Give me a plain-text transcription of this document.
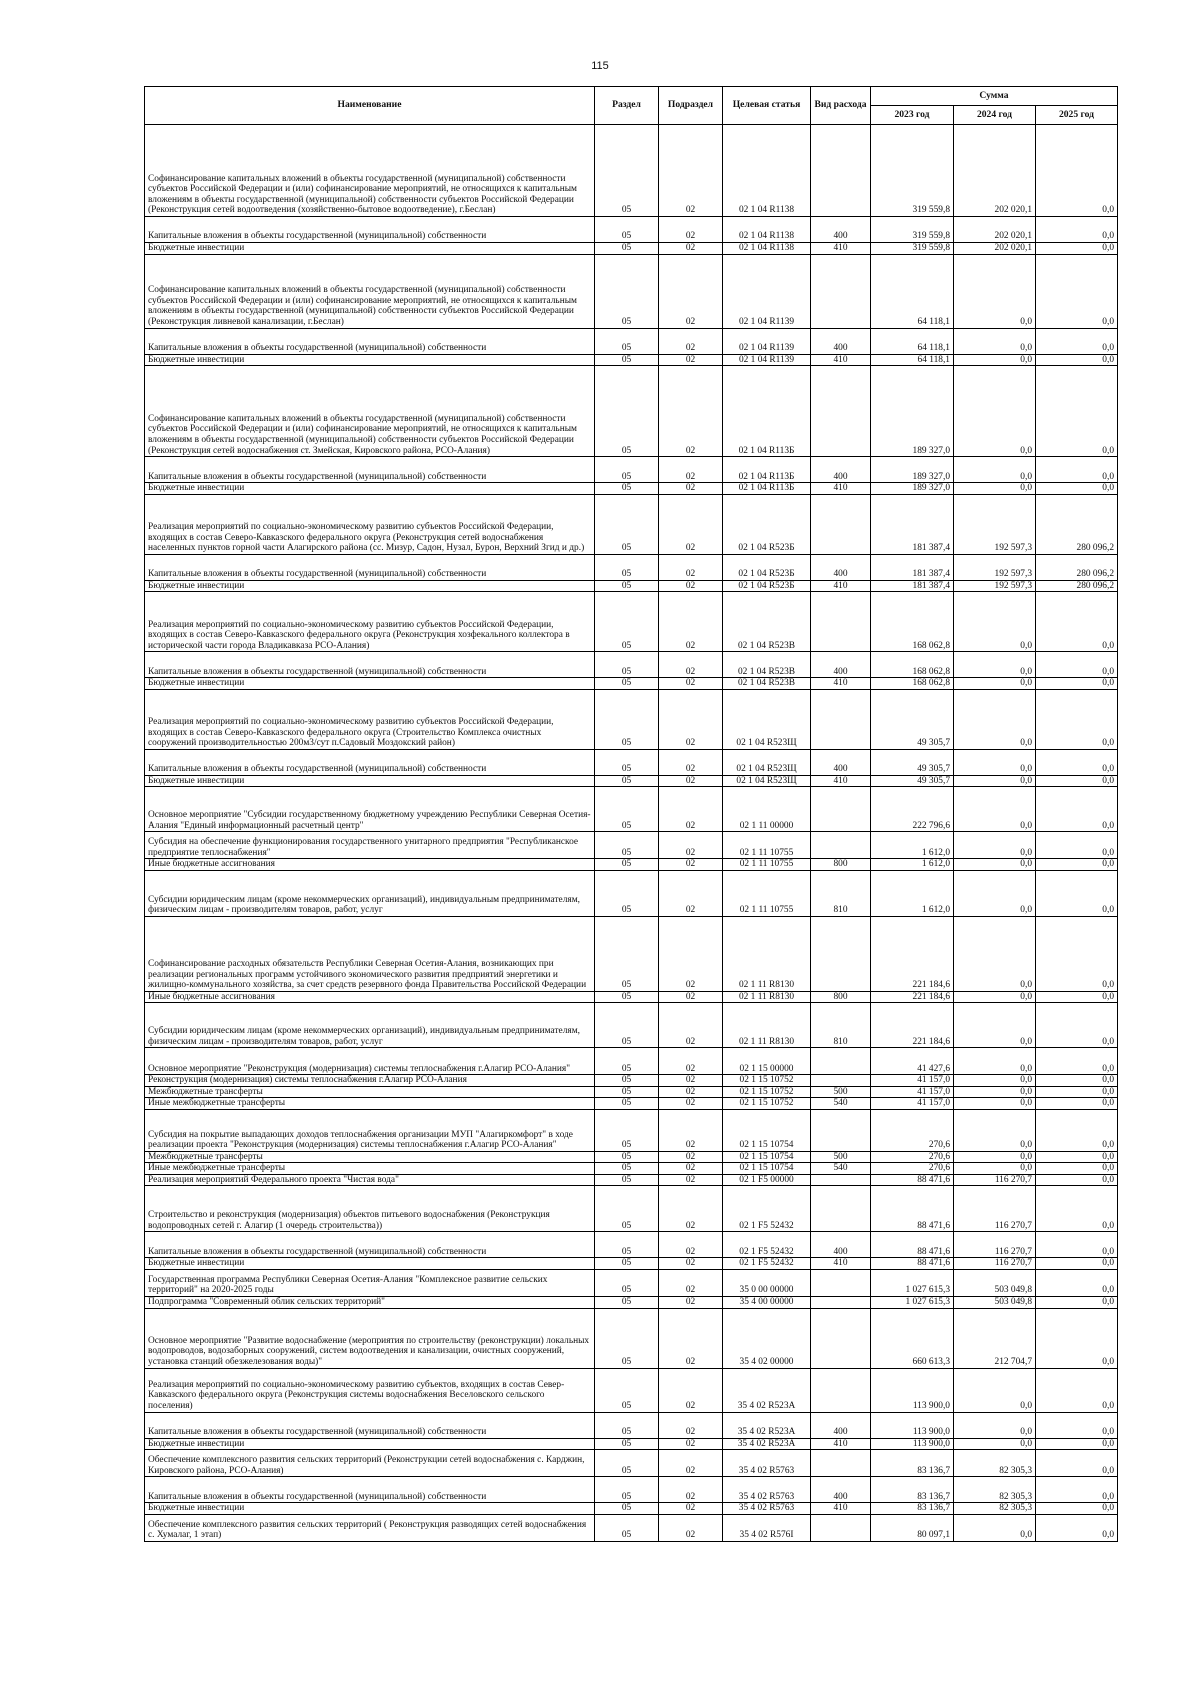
115
Наименование	Раздел	Подраздел	Целевая статья	Вид расхода	Сумма		
					2023 год	2024 год	2025 год
Софинансирование капитальных вложений в объекты государственной (муниципальной) собственности субъектов Российской Федерации и (или) софинансирование мероприятий, не относящихся к капитальным вложениям в объекты государственной (муниципальной) собственности субъектов Российской Федерации (Реконструкция сетей водоотведения (хозяйственно-бытовое водоотведение), г.Беслан)	05	02	02 1 04 R1138		319 559,8	202 020,1	0,0
Капитальные вложения в объекты государственной (муниципальной) собственности	05	02	02 1 04 R1138	400	319 559,8	202 020,1	0,0
Бюджетные инвестиции	05	02	02 1 04 R1138	410	319 559,8	202 020,1	0,0
Софинансирование капитальных вложений в объекты государственной (муниципальной) собственности субъектов Российской Федерации и (или) софинансирование мероприятий, не относящихся к капитальным вложениям в объекты государственной (муниципальной) собственности субъектов Российской Федерации (Реконструкция ливневой канализации, г.Беслан)	05	02	02 1 04 R1139		64 118,1	0,0	0,0
Капитальные вложения в объекты государственной (муниципальной) собственности	05	02	02 1 04 R1139	400	64 118,1	0,0	0,0
Бюджетные инвестиции	05	02	02 1 04 R1139	410	64 118,1	0,0	0,0
Софинансирование капитальных вложений в объекты государственной (муниципальной) собственности субъектов Российской Федерации и (или) софинансирование мероприятий, не относящихся к капитальным вложениям в объекты государственной (муниципальной) собственности субъектов Российской Федерации (Реконструкция сетей водоснабжения ст. Змейская, Кировского района, РСО-Алания)	05	02	02 1 04 R113Б		189 327,0	0,0	0,0
Капитальные вложения в объекты государственной (муниципальной) собственности	05	02	02 1 04 R113Б	400	189 327,0	0,0	0,0
Бюджетные инвестиции	05	02	02 1 04 R113Б	410	189 327,0	0,0	0,0
Реализация мероприятий по социально-экономическому развитию субъектов Российской Федерации, входящих в состав Северо-Кавказского федерального округа (Реконструкция сетей водоснабжения населенных пунктов горной части Алагирского района (сс. Мизур, Садон, Нузал, Бурон, Верхний Згид и др.)	05	02	02 1 04 R523Б		181 387,4	192 597,3	280 096,2
Капитальные вложения в объекты государственной (муниципальной) собственности	05	02	02 1 04 R523Б	400	181 387,4	192 597,3	280 096,2
Бюджетные инвестиции	05	02	02 1 04 R523Б	410	181 387,4	192 597,3	280 096,2
Реализация мероприятий по социально-экономическому развитию субъектов Российской Федерации, входящих в состав Северо-Кавказского федерального округа (Реконструкция хозфекального коллектора в исторической части города Владикавказа РСО-Алания)	05	02	02 1 04 R523В		168 062,8	0,0	0,0
Капитальные вложения в объекты государственной (муниципальной) собственности	05	02	02 1 04 R523В	400	168 062,8	0,0	0,0
Бюджетные инвестиции	05	02	02 1 04 R523В	410	168 062,8	0,0	0,0
Реализация мероприятий по социально-экономическому развитию субъектов Российской Федерации, входящих в состав Северо-Кавказского федерального округа (Строительство Комплекса очистных сооружений производительностью 200м3/сут п.Садовый Моздокский район)	05	02	02 1 04 R523Щ		49 305,7	0,0	0,0
Капитальные вложения в объекты государственной (муниципальной) собственности	05	02	02 1 04 R523Щ	400	49 305,7	0,0	0,0
Бюджетные инвестиции	05	02	02 1 04 R523Щ	410	49 305,7	0,0	0,0
Основное мероприятие "Субсидии государственному бюджетному учреждению Республики Северная Осетия-Алания "Единый информационный расчетный центр"	05	02	02 1 11 00000		222 796,6	0,0	0,0
Субсидия на обеспечение функционирования государственного унитарного предприятия "Республиканское предприятие теплоснабжения"	05	02	02 1 11 10755		1 612,0	0,0	0,0
Иные бюджетные ассигнования	05	02	02 1 11 10755	800	1 612,0	0,0	0,0
Субсидии юридическим лицам (кроме некоммерческих организаций), индивидуальным предпринимателям, физическим лицам - производителям товаров, работ, услуг	05	02	02 1 11 10755	810	1 612,0	0,0	0,0
Софинансирование расходных обязательств Республики Северная Осетия-Алания, возникающих при реализации региональных программ устойчивого экономического развития предприятий энергетики и жилищно-коммунального хозяйства, за счет средств резервного фонда Правительства Российской Федерации	05	02	02 1 11 R8130		221 184,6	0,0	0,0
Иные бюджетные ассигнования	05	02	02 1 11 R8130	800	221 184,6	0,0	0,0
Субсидии юридическим лицам (кроме некоммерческих организаций), индивидуальным предпринимателям, физическим лицам - производителям товаров, работ, услуг	05	02	02 1 11 R8130	810	221 184,6	0,0	0,0
Основное мероприятие "Реконструкция (модернизация) системы теплоснабжения г.Алагир РСО-Алания"	05	02	02 1 15 00000		41 427,6	0,0	0,0
Реконструкция (модернизация) системы теплоснабжения г.Алагир РСО-Алания	05	02	02 1 15 10752		41 157,0	0,0	0,0
Межбюджетные трансферты	05	02	02 1 15 10752	500	41 157,0	0,0	0,0
Иные межбюджетные трансферты	05	02	02 1 15 10752	540	41 157,0	0,0	0,0
Субсидия на покрытие выпадающих доходов теплоснабжения организации МУП "Алагиркомфорт" в ходе реализации проекта "Реконструкция (модернизация) системы теплоснабжения г.Алагир РСО-Алания"	05	02	02 1 15 10754		270,6	0,0	0,0
Межбюджетные трансферты	05	02	02 1 15 10754	500	270,6	0,0	0,0
Иные межбюджетные трансферты	05	02	02 1 15 10754	540	270,6	0,0	0,0
Реализация мероприятий Федерального проекта "Чистая вода"	05	02	02 1 F5 00000		88 471,6	116 270,7	0,0
Строительство и реконструкция (модернизация) объектов питьевого водоснабжения (Реконструкция водопроводных сетей г. Алагир (1 очередь строительства))	05	02	02 1 F5 52432		88 471,6	116 270,7	0,0
Капитальные вложения в объекты государственной (муниципальной) собственности	05	02	02 1 F5 52432	400	88 471,6	116 270,7	0,0
Бюджетные инвестиции	05	02	02 1 F5 52432	410	88 471,6	116 270,7	0,0
Государственная программа Республики Северная Осетия-Алания "Комплексное развитие сельских территорий" на 2020-2025 годы	05	02	35 0 00 00000		1 027 615,3	503 049,8	0,0
Подпрограмма "Современный облик сельских территорий"	05	02	35 4 00 00000		1 027 615,3	503 049,8	0,0
Основное мероприятие "Развитие водоснабжение (мероприятия по строительству (реконструкции) локальных водопроводов, водозаборных сооружений, систем водоотведения и канализации, очистных сооружений, установка станций обезжелезования воды)"	05	02	35 4 02 00000		660 613,3	212 704,7	0,0
Реализация мероприятий по социально-экономическому развитию субъектов, входящих в состав Север-Кавказского федерального округа (Реконструкция системы водоснабжения Веселовского сельского поселения)	05	02	35 4 02 R523А		113 900,0	0,0	0,0
Капитальные вложения в объекты государственной (муниципальной) собственности	05	02	35 4 02 R523А	400	113 900,0	0,0	0,0
Бюджетные инвестиции	05	02	35 4 02 R523А	410	113 900,0	0,0	0,0
Обеспечение комплексного развития сельских территорий (Реконструкции сетей водоснабжения с. Карджин, Кировского района, РСО-Алания)	05	02	35 4 02 R5763		83 136,7	82 305,3	0,0
Капитальные вложения в объекты государственной (муниципальной) собственности	05	02	35 4 02 R5763	400	83 136,7	82 305,3	0,0
Бюджетные инвестиции	05	02	35 4 02 R5763	410	83 136,7	82 305,3	0,0
Обеспечение комплексного развития сельских территорий ( Реконструкция разводящих сетей водоснабжения с. Хумалаг, 1 этап)	05	02	35 4 02 R576I		80 097,1	0,0	0,0
